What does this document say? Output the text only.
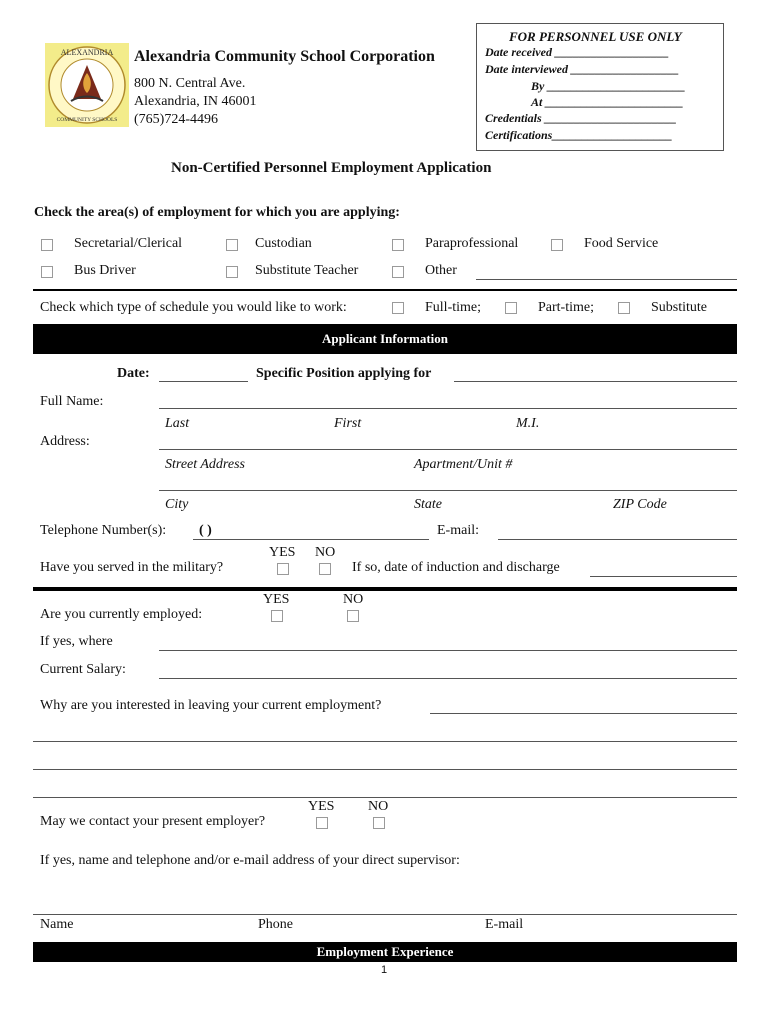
ALEXANDRIA
COMMUNITY SCHOOLS
Alexandria Community School Corporation
800 N. Central Ave.
Alexandria, IN 46001
(765)724-4496
FOR PERSONNEL USE ONLY
Date received ___________________
Date interviewed __________________
By _______________________
At _______________________
Credentials ______________________
Certifications____________________
Non-Certified Personnel Employment Application
Check the area(s) of employment for which you are applying:
Secretarial/Clerical	Custodian	Paraprofessional	Food Service
Bus Driver	Substitute Teacher	Other
Check which type of schedule you would like to work:	Full-time;	Part-time;	Substitute
Applicant Information
Date:	Specific Position applying for
Full Name:
Last	First	M.I.
Address:
Street Address	Apartment/Unit #
City	State	ZIP Code
Telephone Number(s): ( )	E-mail:
YES NO
Have you served in the military?	If so, date of induction and discharge
YES	NO
Are you currently employed:
If yes, where
Current Salary:
Why are you interested in leaving your current employment?
YES NO
May we contact your present employer?
If yes, name and telephone and/or e-mail address of your direct supervisor:
Name	Phone	E-mail
Employment Experience
1
